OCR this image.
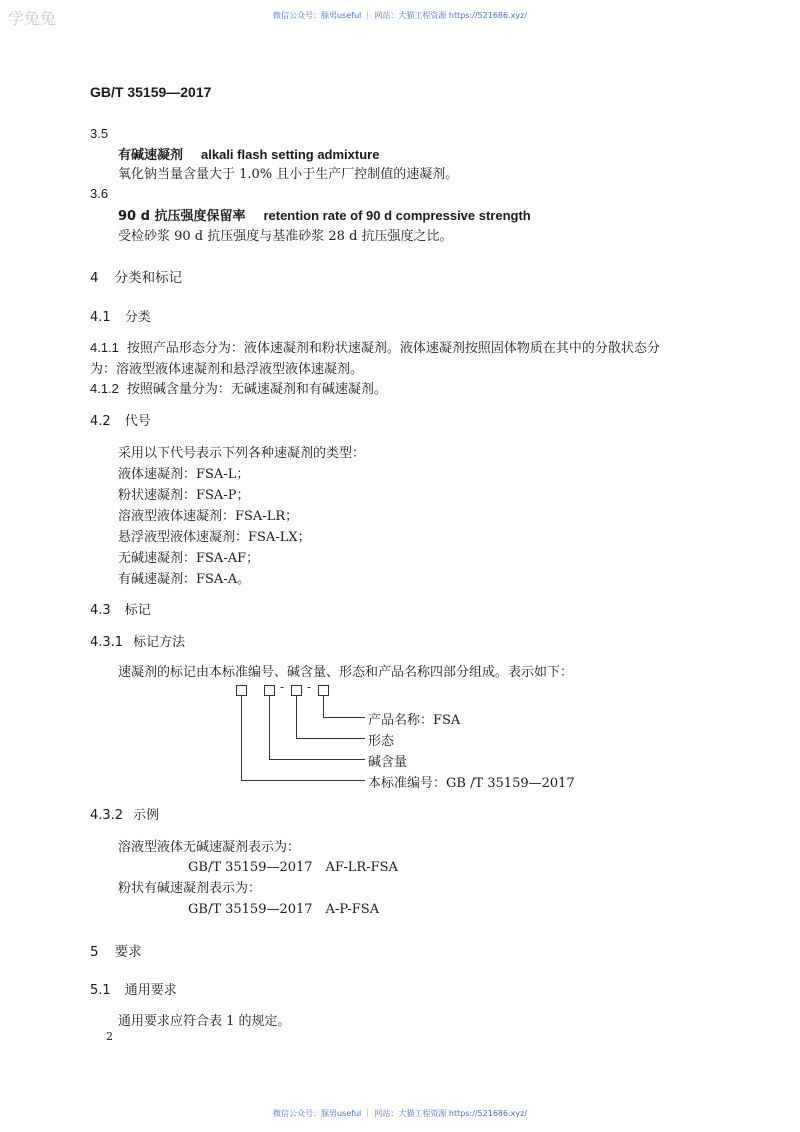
学兔兔	微信公众号：豚男useful ｜ 网站：大猫工程资源 https://521686.xyz/
微信公众号：豚男useful ｜ 网站：大猫工程资源 https://521686.xyz/
GB/T 35159—2017
3.5
有碱速凝剂 alkali flash setting admixture
氧化钠当量含量大于 1.0% 且小于生产厂控制值的速凝剂。
3.6
90 d 抗压强度保留率 retention rate of 90 d compressive strength
受检砂浆 90 d 抗压强度与基准砂浆 28 d 抗压强度之比。
4 分类和标记
4.1 分类
4.1.1 按照产品形态分为：液体速凝剂和粉状速凝剂。液体速凝剂按照固体物质在其中的分散状态分
为：溶液型液体速凝剂和悬浮液型液体速凝剂。
4.1.2 按照碱含量分为：无碱速凝剂和有碱速凝剂。
4.2 代号
采用以下代号表示下列各种速凝剂的类型：
液体速凝剂：FSA-L；
粉状速凝剂：FSA-P；
溶液型液体速凝剂：FSA-LR；
悬浮液型液体速凝剂：FSA-LX；
无碱速凝剂：FSA-AF；
有碱速凝剂：FSA-A。
4.3 标记
4.3.1 标记方法
速凝剂的标记由本标准编号、碱含量、形态和产品名称四部分组成。表示如下：
- -
产品名称：FSA
形态
碱含量
本标准编号：GB /T 35159—2017
4.3.2 示例
溶液型液体无碱速凝剂表示为：
GB/T 35159—2017　AF-LR-FSA
粉状有碱速凝剂表示为：
GB/T 35159—2017　A-P-FSA
5 要求
5.1 通用要求
通用要求应符合表 1 的规定。
2
